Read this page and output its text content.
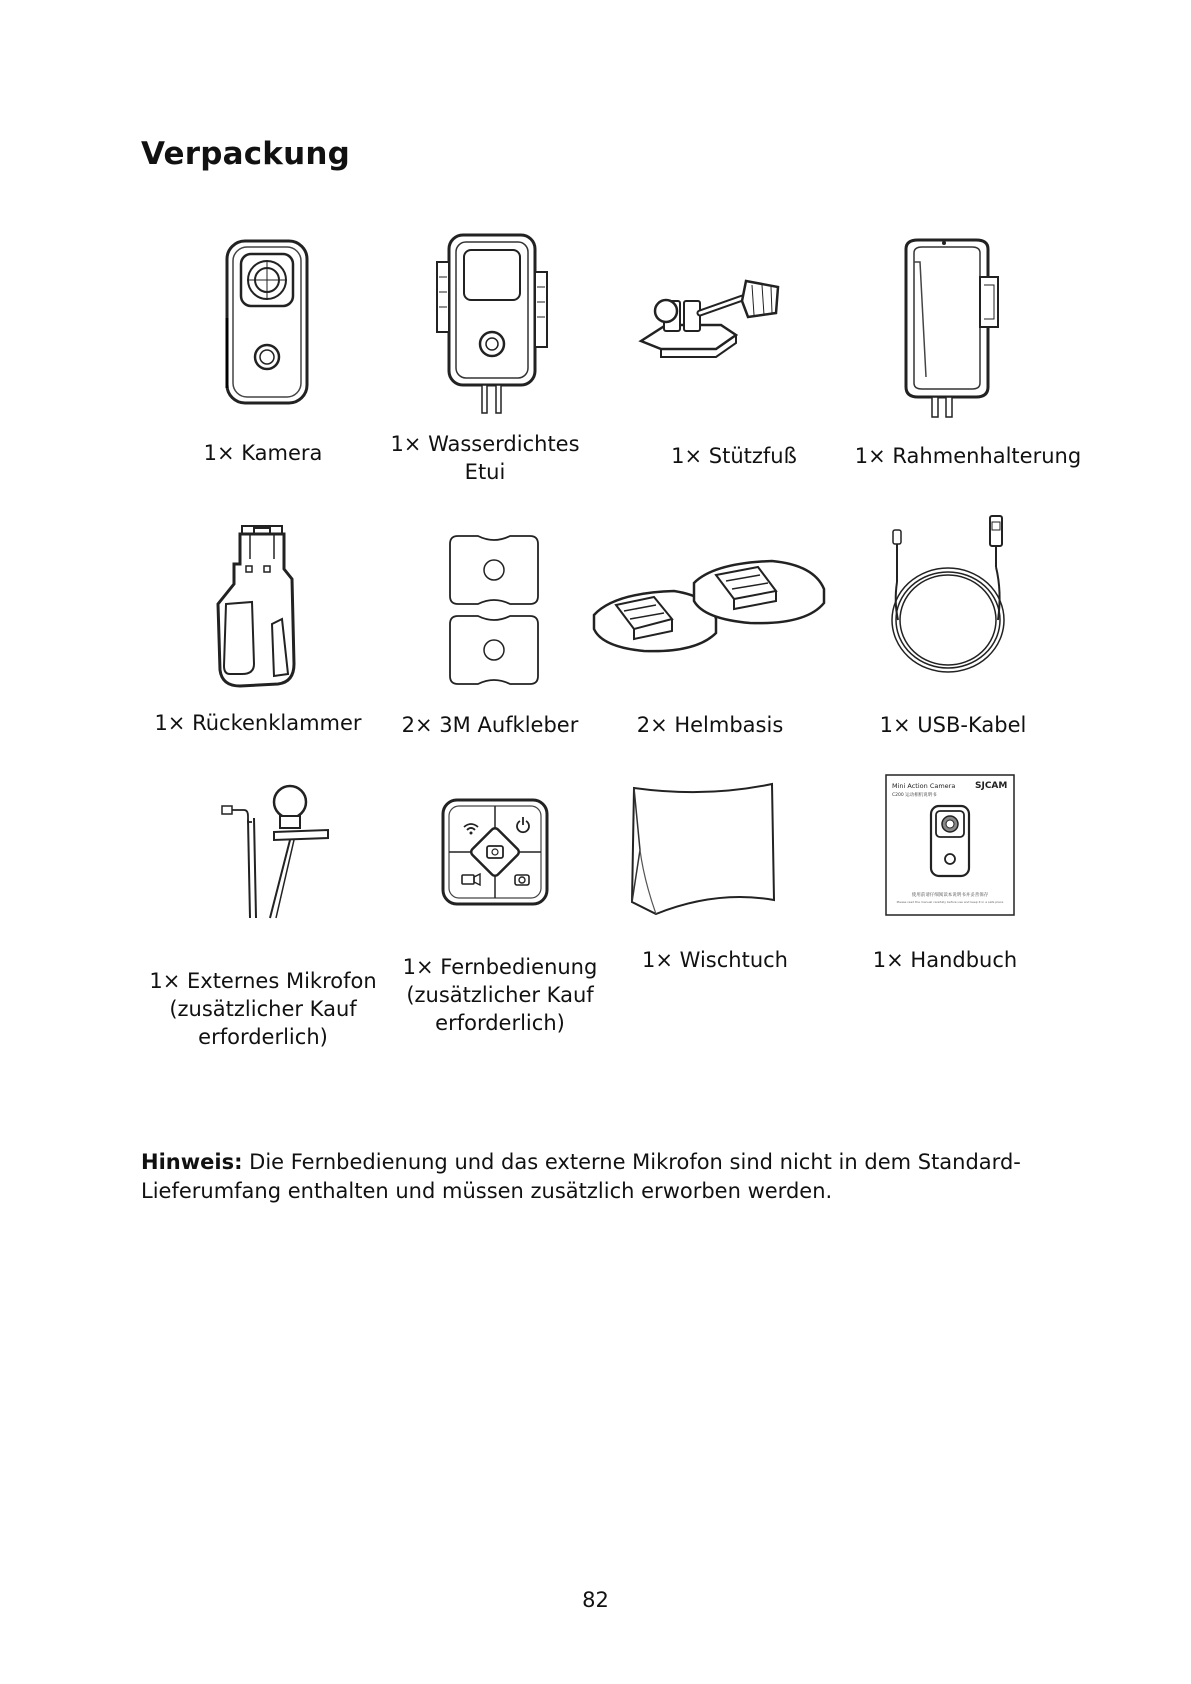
Verpackung
1× Kamera	1× Wasserdichtes
Etui
1× Stützfuß	1× Rahmenhalterung
1× Rückenklammer	2× 3M Aufkleber	2× Helmbasis	1× USB-Kabel
Mini Action Camera
C200 运动相机说明书
SJCAM
使用前请仔细阅读本说明书并妥善保存
Please read the manual carefully before use and keep it in a safe place
1× Externes Mikrofon
(zusätzlicher Kauf
erforderlich)
1× Fernbedienung
(zusätzlicher Kauf
erforderlich)
1× Wischtuch	1× Handbuch

Hinweis: Die Fernbedienung und das externe Mikrofon sind nicht in dem Standard-Lieferumfang enthalten und müssen zusätzlich erworben werden.

82
